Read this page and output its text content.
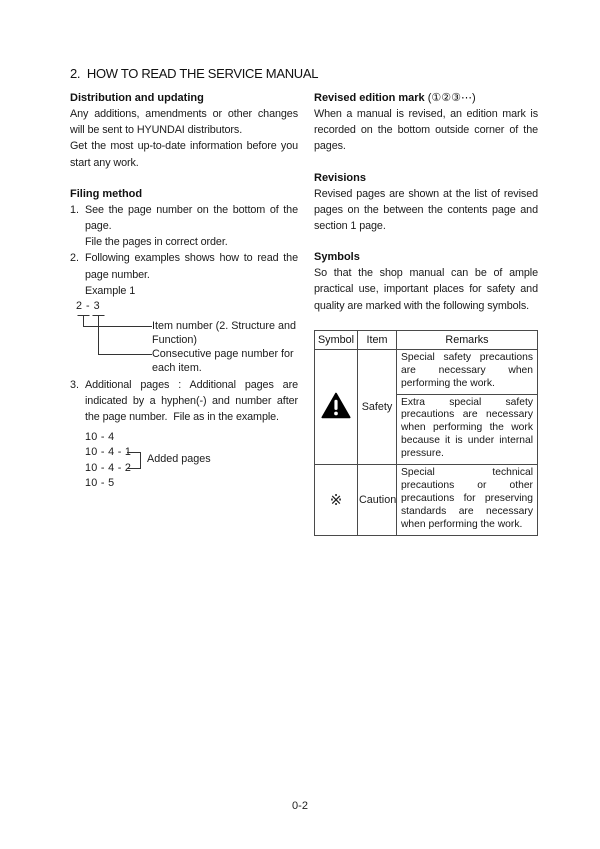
2.  HOW TO READ THE SERVICE MANUAL
Distribution and updating

Any additions, amendments or other changes will be sent to HYUNDAI distributors.

Get the most up-to-date information before you start any work.

Filing method
1. See the page number on the bottom of the page.

File the pages in correct order.

2. Following examples shows how to read the page number.

Example 1

2 - 3
Item number (2. Structure and Function)
Consecutive page number for each item.
3. Additional pages : Additional pages are indicated by a hyphen(-) and number after the page number.  File as in the example.

10 - 4
10 - 4 - 1
10 - 4 - 2
10 - 5
Added pages
Revised edition mark (①②③⋯)

When a manual is revised, an edition mark is recorded on the bottom outside corner of the pages.

Revisions

Revised pages are shown at the list of revised pages on the between the contents page and section 1 page.

Symbols

So that the shop manual can be of ample practical use, important places for safety and quality are marked with the following symbols.

Symbol	Item	Remarks
	Safety	Special safety precautions are necessary when performing the work.
		Extra special safety precautions are necessary when performing the work because it is under internal pressure.
※	Caution	Special technical precautions or other precautions for preserving standards are necessary when performing the work.
0-2
